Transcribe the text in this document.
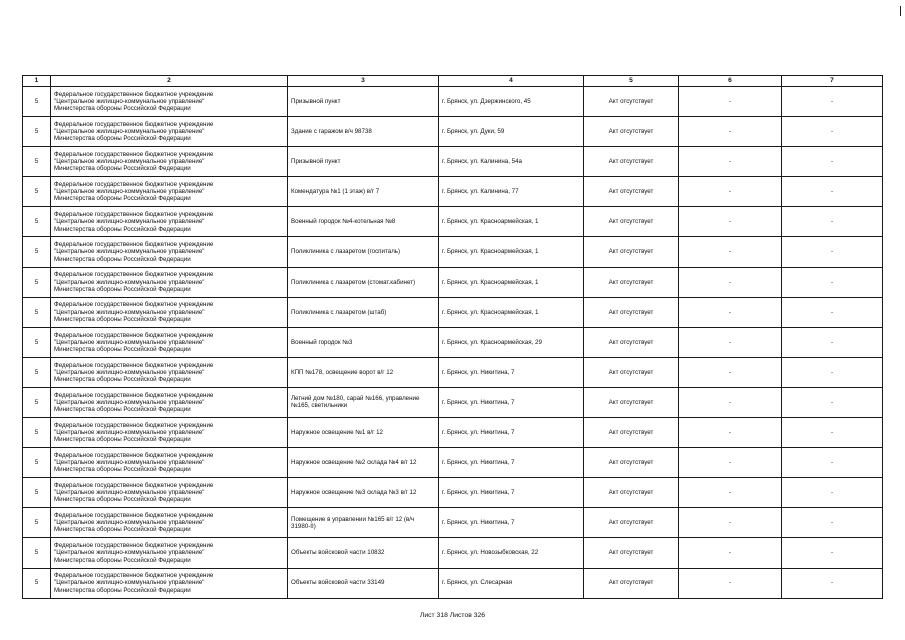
1	2	3	4	5	6	7
5	Федеральное государственное бюджетное учреждение
"Центральное жилищно-коммунальное управление"
Министерства обороны Российской Федерации	Призывной пункт	г. Брянск, ул. Дзержинского, 45	Акт отсутствует	-	-
5	Федеральное государственное бюджетное учреждение
"Центральное жилищно-коммунальное управление"
Министерства обороны Российской Федерации	Здание с гаражом в/ч 98738	г. Брянск, ул. Дуки, 59	Акт отсутствует	-	-
5	Федеральное государственное бюджетное учреждение
"Центральное жилищно-коммунальное управление"
Министерства обороны Российской Федерации	Призывной пункт	г. Брянск, ул. Калинина, 54а	Акт отсутствует	-	-
5	Федеральное государственное бюджетное учреждение
"Центральное жилищно-коммунальное управление"
Министерства обороны Российской Федерации	Комендатура №1 (1 этаж) в/г 7	г. Брянск, ул. Калинина, 77	Акт отсутствует	-	-
5	Федеральное государственное бюджетное учреждение
"Центральное жилищно-коммунальное управление"
Министерства обороны Российской Федерации	Военный городок №4-котельная №8	г. Брянск, ул. Красноармейская, 1	Акт отсутствует	-	-
5	Федеральное государственное бюджетное учреждение
"Центральное жилищно-коммунальное управление"
Министерства обороны Российской Федерации	Поликлиника с лазаретом (госпиталь)	г. Брянск, ул. Красноармейская, 1	Акт отсутствует	-	-
5	Федеральное государственное бюджетное учреждение
"Центральное жилищно-коммунальное управление"
Министерства обороны Российской Федерации	Поликлиника с лазаретом (стомат.кабинет)	г. Брянск, ул. Красноармейская, 1	Акт отсутствует	-	-
5	Федеральное государственное бюджетное учреждение
"Центральное жилищно-коммунальное управление"
Министерства обороны Российской Федерации	Поликлиника с лазаретом (штаб)	г. Брянск, ул. Красноармейская, 1	Акт отсутствует	-	-
5	Федеральное государственное бюджетное учреждение
"Центральное жилищно-коммунальное управление"
Министерства обороны Российской Федерации	Военный городок №3	г. Брянск, ул. Красноармейская, 29	Акт отсутствует	-	-
5	Федеральное государственное бюджетное учреждение
"Центральное жилищно-коммунальное управление"
Министерства обороны Российской Федерации	КПП №178, освещение ворот в/г 12	г. Брянск, ул. Никитина, 7	Акт отсутствует	-	-
5	Федеральное государственное бюджетное учреждение
"Центральное жилищно-коммунальное управление"
Министерства обороны Российской Федерации	Летний дом №180, сарай №166, управление №165, светильники	г. Брянск, ул. Никитина, 7	Акт отсутствует	-	-
5	Федеральное государственное бюджетное учреждение
"Центральное жилищно-коммунальное управление"
Министерства обороны Российской Федерации	Наружное освещение №1 в/г 12	г. Брянск, ул. Никитина, 7	Акт отсутствует	-	-
5	Федеральное государственное бюджетное учреждение
"Центральное жилищно-коммунальное управление"
Министерства обороны Российской Федерации	Наружное освещение №2 склада №4 в/г 12	г. Брянск, ул. Никитина, 7	Акт отсутствует	-	-
5	Федеральное государственное бюджетное учреждение
"Центральное жилищно-коммунальное управление"
Министерства обороны Российской Федерации	Наружное освещение №3 склада №3 в/г 12	г. Брянск, ул. Никитина, 7	Акт отсутствует	-	-
5	Федеральное государственное бюджетное учреждение
"Центральное жилищно-коммунальное управление"
Министерства обороны Российской Федерации	Помещение в управлении №165 в/г 12 (в/ч 31980-II)	г. Брянск, ул. Никитина, 7	Акт отсутствует	-	-
5	Федеральное государственное бюджетное учреждение
"Центральное жилищно-коммунальное управление"
Министерства обороны Российской Федерации	Объекты войсковой части 10832	г. Брянск, ул. Новозыбковская, 22	Акт отсутствует	-	-
5	Федеральное государственное бюджетное учреждение
"Центральное жилищно-коммунальное управление"
Министерства обороны Российской Федерации	Объекты войсковой части 33149	г. Брянск, ул. Слесарная	Акт отсутствует	-	-
Лист 318 Листов 326
